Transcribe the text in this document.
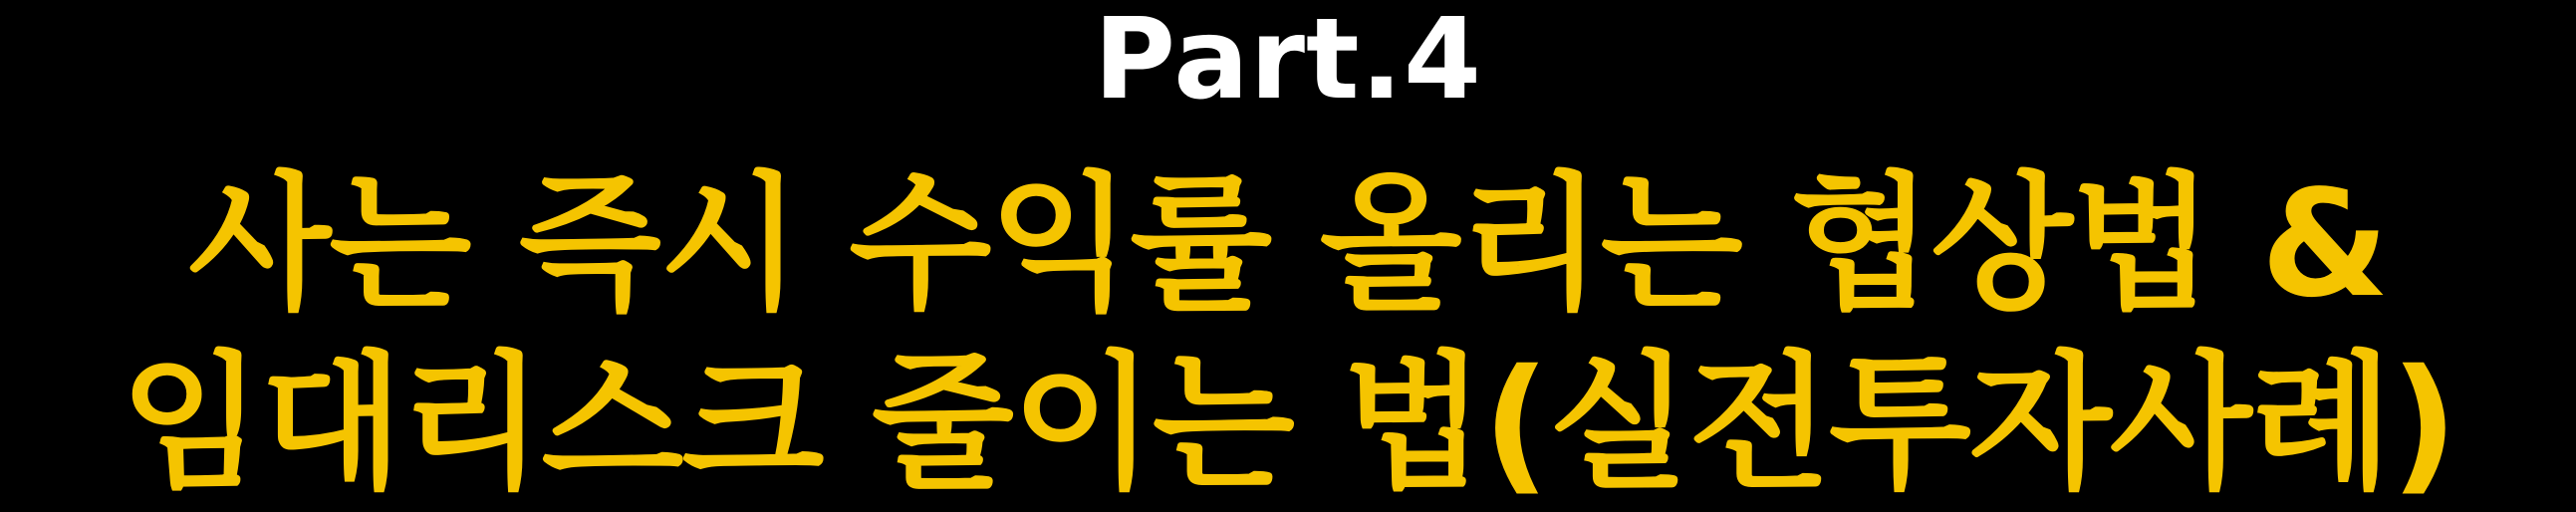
Part.4
사는 즉시 수익률 올리는 협상법 &
임대리스크 줄이는 법(실전투자사례)
